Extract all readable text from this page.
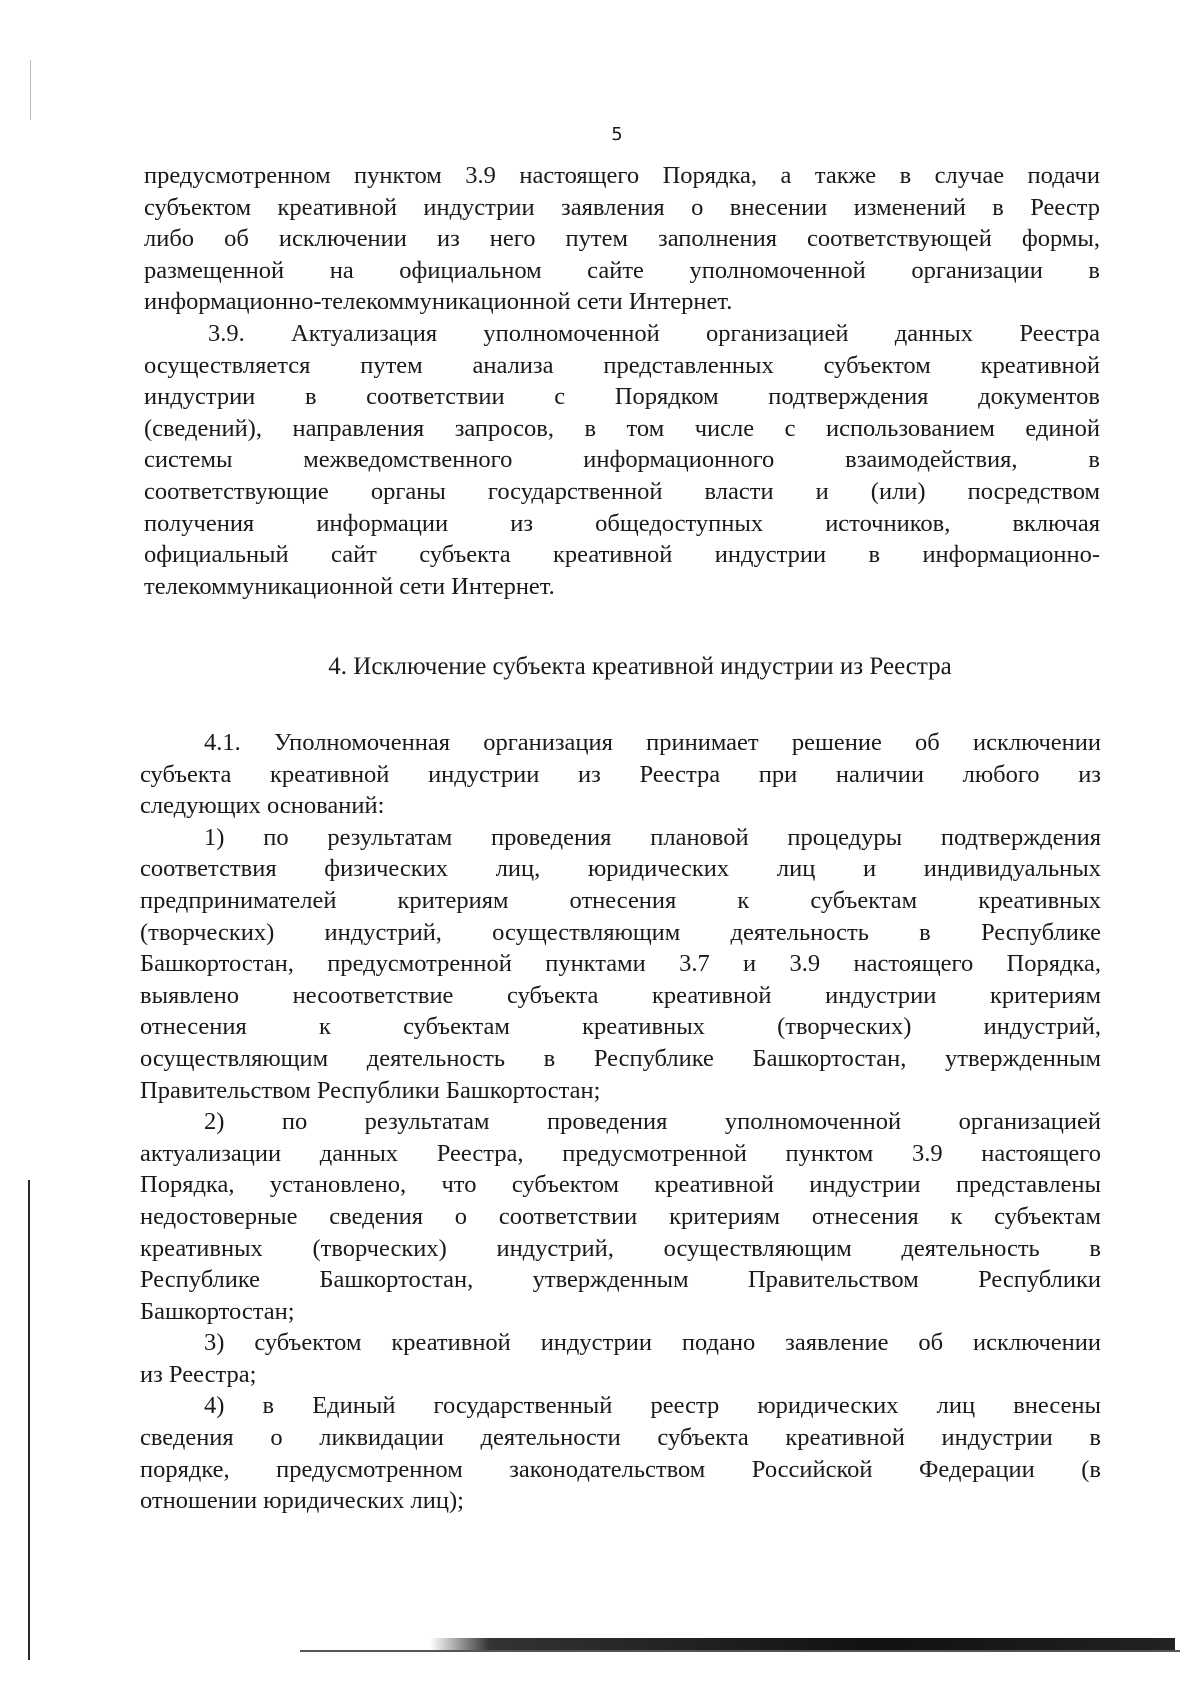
5
предусмотренном пунктом 3.9 настоящего Порядка, а также в случае подачи
субъектом креативной индустрии заявления о внесении изменений в Реестр
либо об исключении из него путем заполнения соответствующей формы,
размещенной на официальном сайте уполномоченной организации в
информационно-телекоммуникационной сети Интернет.
3.9. Актуализация уполномоченной организацией данных Реестра
осуществляется путем анализа представленных субъектом креативной
индустрии в соответствии с Порядком подтверждения документов
(сведений), направления запросов, в том числе с использованием единой
системы межведомственного информационного взаимодействия, в
соответствующие органы государственной власти и (или) посредством
получения информации из общедоступных источников, включая
официальный сайт субъекта креативной индустрии в информационно-
телекоммуникационной сети Интернет.
4. Исключение субъекта креативной индустрии из Реестра
4.1. Уполномоченная организация принимает решение об исключении
субъекта креативной индустрии из Реестра при наличии любого из
следующих оснований:
1) по результатам проведения плановой процедуры подтверждения
соответствия физических лиц, юридических лиц и индивидуальных
предпринимателей критериям отнесения к субъектам креативных
(творческих) индустрий, осуществляющим деятельность в Республике
Башкортостан, предусмотренной пунктами 3.7 и 3.9 настоящего Порядка,
выявлено несоответствие субъекта креативной индустрии критериям
отнесения к субъектам креативных (творческих) индустрий,
осуществляющим деятельность в Республике Башкортостан, утвержденным
Правительством Республики Башкортостан;
2) по результатам проведения уполномоченной организацией
актуализации данных Реестра, предусмотренной пунктом 3.9 настоящего
Порядка, установлено, что субъектом креативной индустрии представлены
недостоверные сведения о соответствии критериям отнесения к субъектам
креативных (творческих) индустрий, осуществляющим деятельность в
Республике Башкортостан, утвержденным Правительством Республики
Башкортостан;
3) субъектом креативной индустрии подано заявление об исключении
из Реестра;
4) в Единый государственный реестр юридических лиц внесены
сведения о ликвидации деятельности субъекта креативной индустрии в
порядке, предусмотренном законодательством Российской Федерации (в
отношении юридических лиц);
